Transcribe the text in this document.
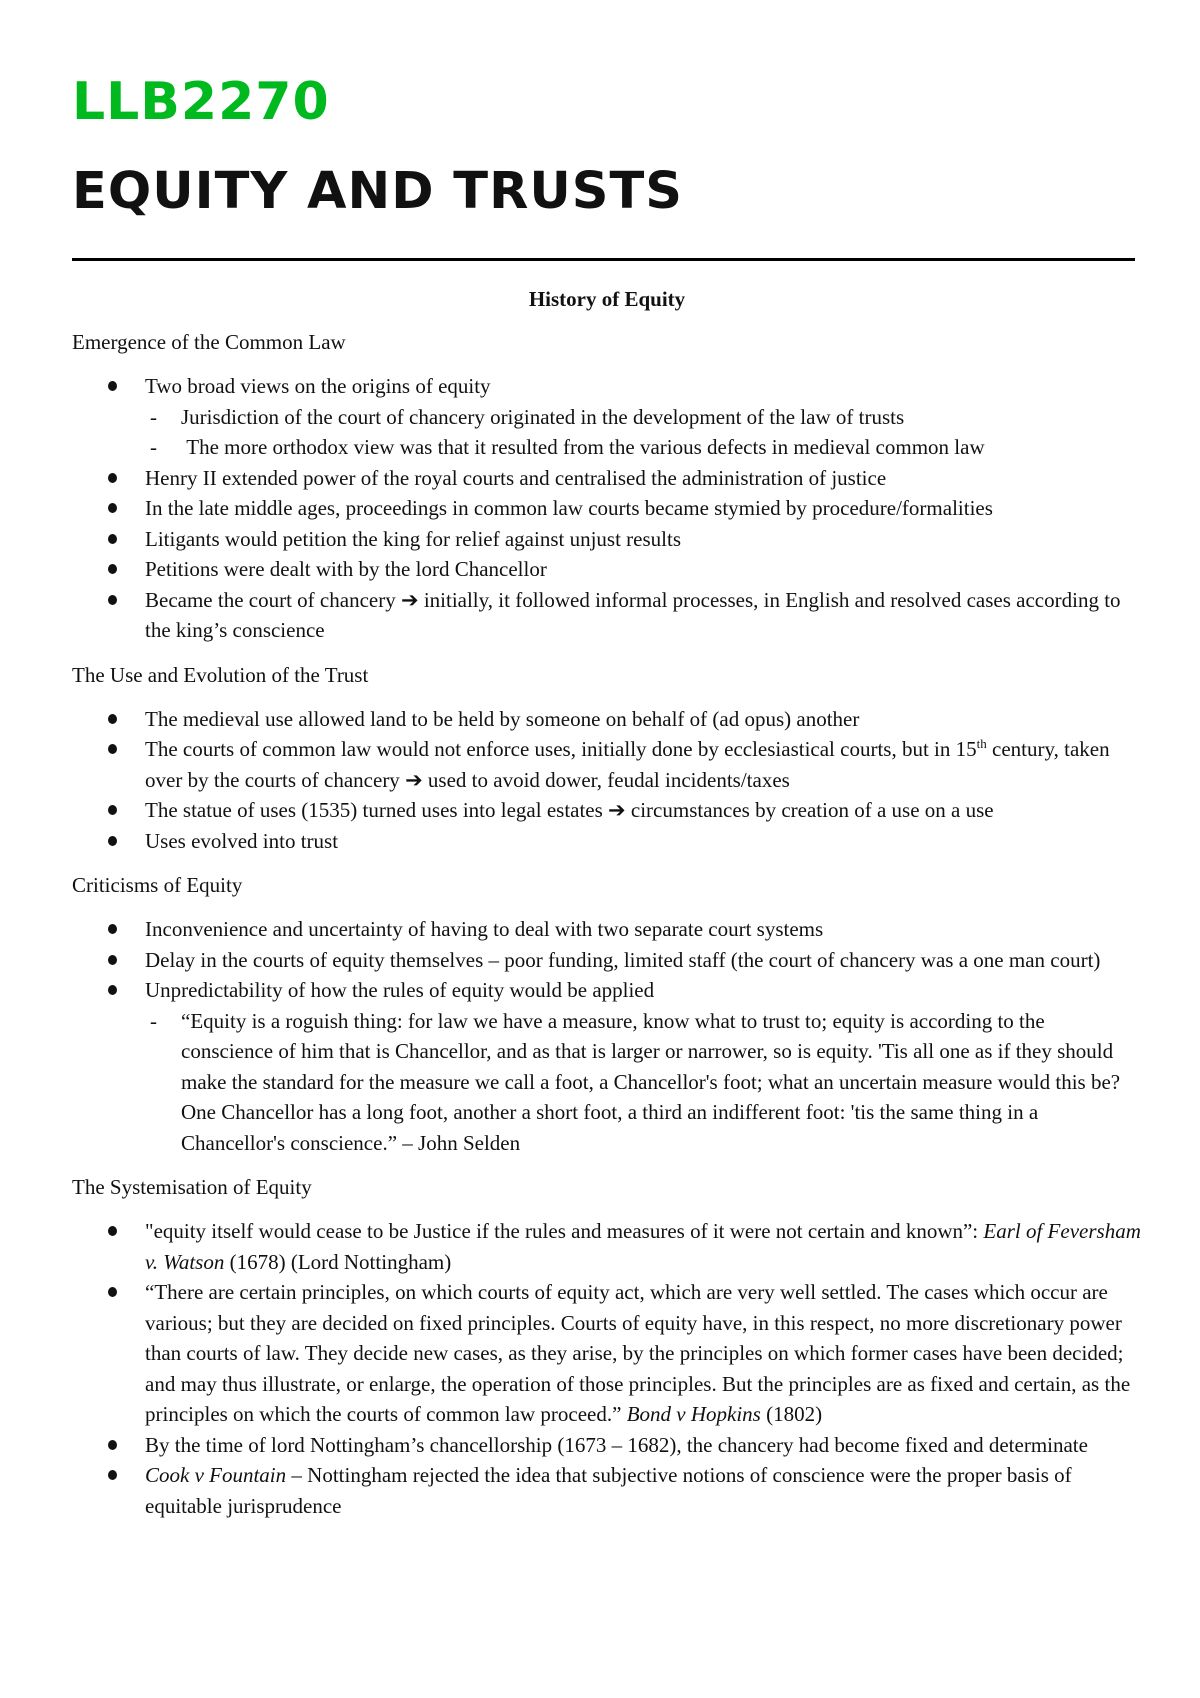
LLB2270
EQUITY AND TRUSTS
History of Equity
Emergence of the Common Law
Two broad views on the origins of equity
- Jurisdiction of the court of chancery originated in the development of the law of trusts
- The more orthodox view was that it resulted from the various defects in medieval common law
Henry II extended power of the royal courts and centralised the administration of justice
In the late middle ages, proceedings in common law courts became stymied by procedure/formalities
Litigants would petition the king for relief against unjust results
Petitions were dealt with by the lord Chancellor
Became the court of chancery ➔ initially, it followed informal processes, in English and resolved cases according to the king’s conscience
The Use and Evolution of the Trust
The medieval use allowed land to be held by someone on behalf of (ad opus) another
The courts of common law would not enforce uses, initially done by ecclesiastical courts, but in 15th century, taken over by the courts of chancery ➔ used to avoid dower, feudal incidents/taxes
The statue of uses (1535) turned uses into legal estates ➔ circumstances by creation of a use on a use
Uses evolved into trust
Criticisms of Equity
Inconvenience and uncertainty of having to deal with two separate court systems
Delay in the courts of equity themselves – poor funding, limited staff (the court of chancery was a one man court)
Unpredictability of how the rules of equity would be applied
- “Equity is a roguish thing: for law we have a measure, know what to trust to; equity is according to the conscience of him that is Chancellor, and as that is larger or narrower, so is equity. 'Tis all one as if they should make the standard for the measure we call a foot, a Chancellor's foot; what an uncertain measure would this be? One Chancellor has a long foot, another a short foot, a third an indifferent foot: 'tis the same thing in a Chancellor's conscience.” – John Selden
The Systemisation of Equity
"equity itself would cease to be Justice if the rules and measures of it were not certain and known”: Earl of Feversham v. Watson (1678) (Lord Nottingham)
“There are certain principles, on which courts of equity act, which are very well settled. The cases which occur are various; but they are decided on fixed principles. Courts of equity have, in this respect, no more discretionary power than courts of law. They decide new cases, as they arise, by the principles on which former cases have been decided; and may thus illustrate, or enlarge, the operation of those principles. But the principles are as fixed and certain, as the principles on which the courts of common law proceed.” Bond v Hopkins (1802)
By the time of lord Nottingham’s chancellorship (1673 – 1682), the chancery had become fixed and determinate
Cook v Fountain – Nottingham rejected the idea that subjective notions of conscience were the proper basis of equitable jurisprudence
